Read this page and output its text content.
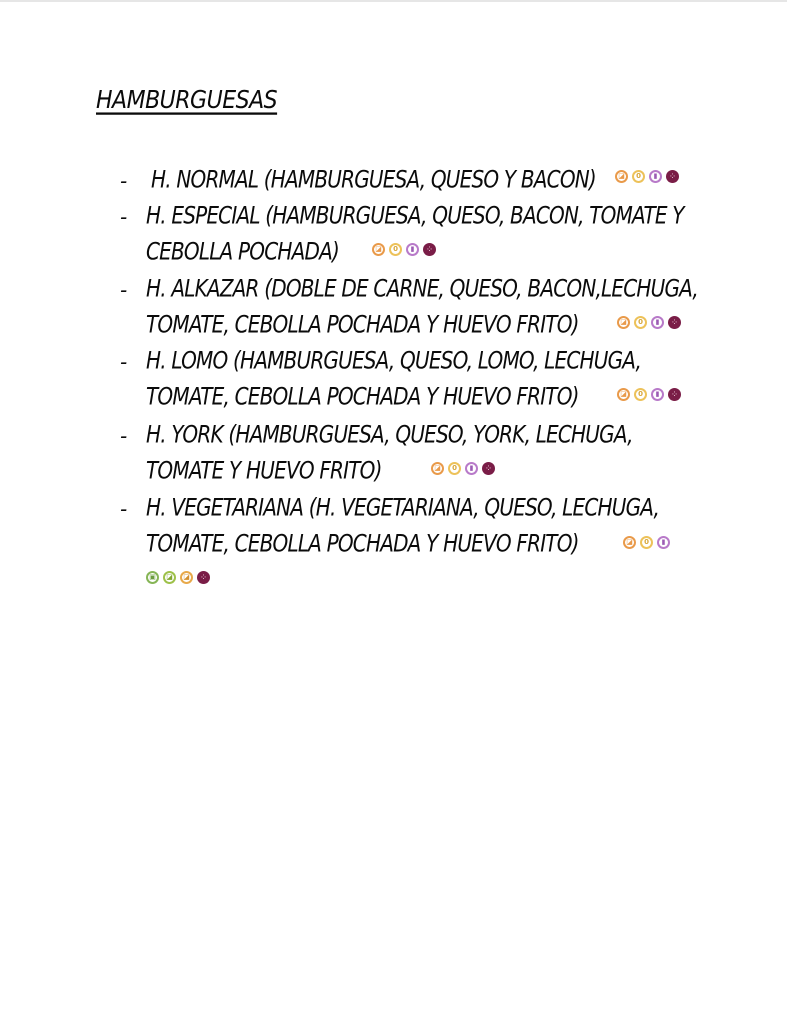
HAMBURGUESAS
- H. NORMAL (HAMBURGUESA, QUESO Y BACON)	◪ 0 ▮ ⁘
- H. ESPECIAL (HAMBURGUESA, QUESO, BACON, TOMATE Y
CEBOLLA POCHADA)	◪ 0 ▮ ⁘
- H. ALKAZAR (DOBLE DE CARNE, QUESO, BACON,LECHUGA,
TOMATE, CEBOLLA POCHADA Y HUEVO FRITO)	◪ 0 ▮ ⁘
- H. LOMO (HAMBURGUESA, QUESO, LOMO, LECHUGA,
TOMATE, CEBOLLA POCHADA Y HUEVO FRITO)	◪ 0 ▮ ⁘
- H. YORK (HAMBURGUESA, QUESO, YORK, LECHUGA,
TOMATE Y HUEVO FRITO)	◪ 0 ▮ ⁘
- H. VEGETARIANA (H. VEGETARIANA, QUESO, LECHUGA,
TOMATE, CEBOLLA POCHADA Y HUEVO FRITO)	◪ 0 ▮
▣ ◪ ◪ ⁘
